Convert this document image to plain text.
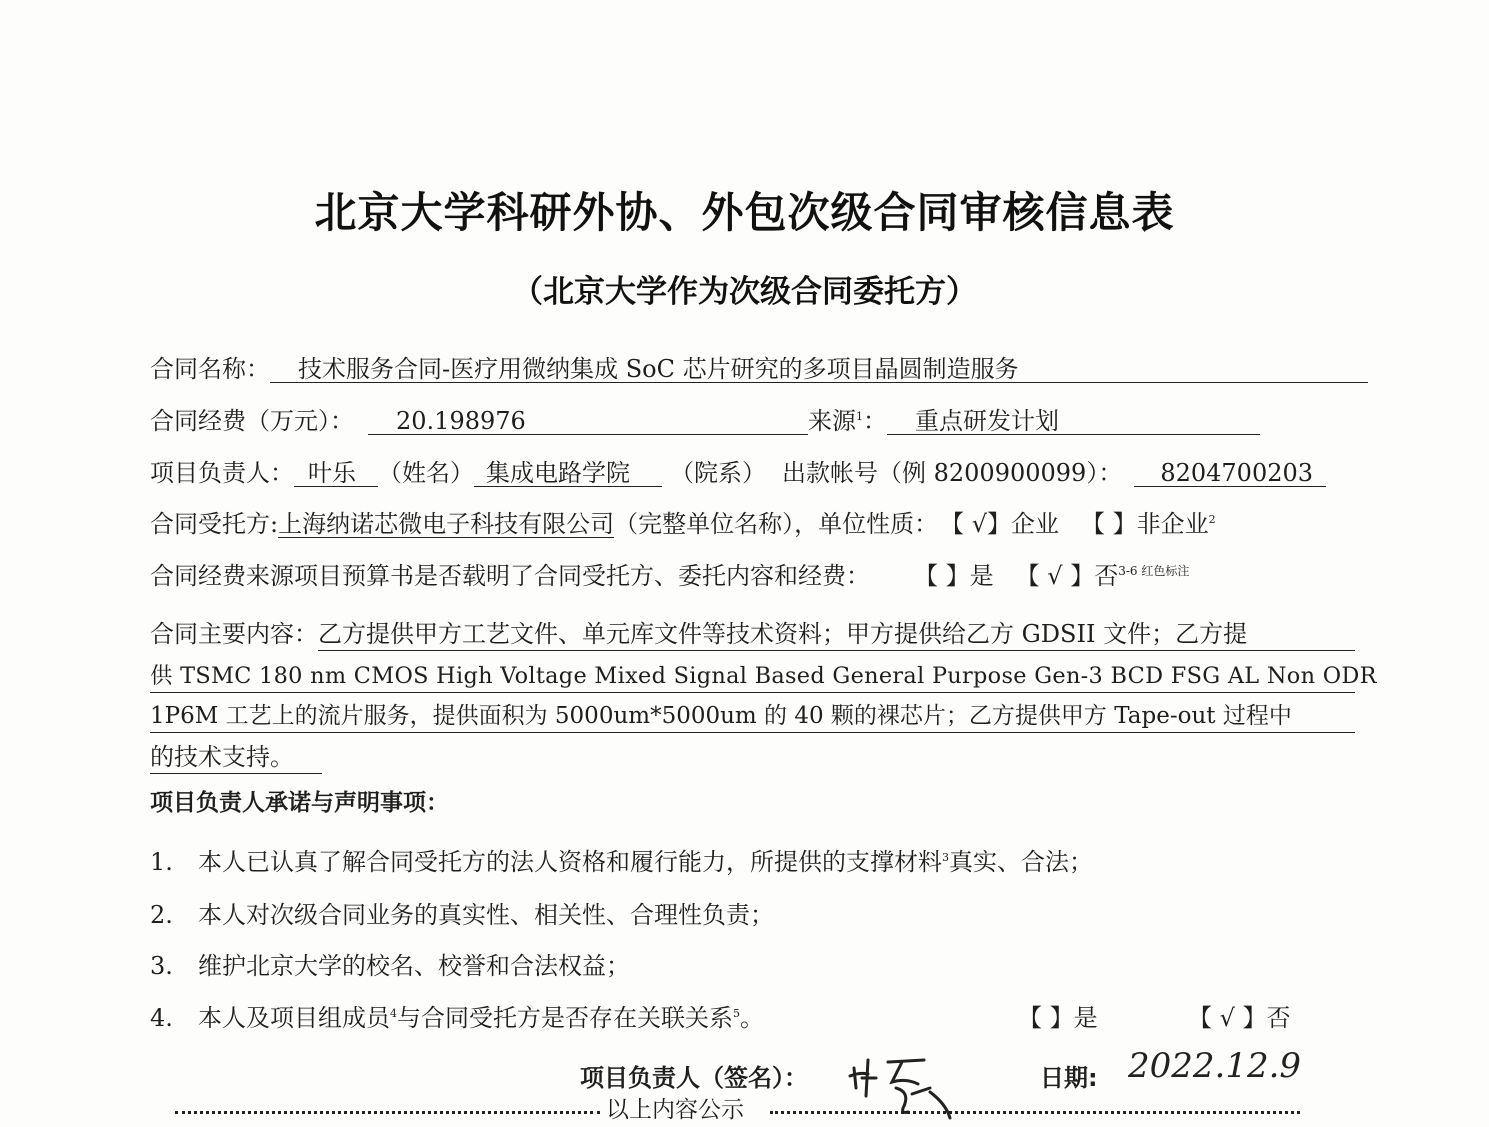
北京大学科研外协、外包次级合同审核信息表
（北京大学作为次级合同委托方）
合同名称： 技术服务合同-医疗用微纳集成 SoC 芯片研究的多项目晶圆制造服务
合同经费（万元）： 20.198976	来源$^1$： 重点研发计划
项目负责人： 叶乐 （姓名） 集成电路学院 （院系） 出款帐号（例 8200900099）： 8204700203
合同受托方:上海纳诺芯微电子科技有限公司（完整单位名称），单位性质： 【 √】企业 【 】非企业$^2$
合同经费来源项目预算书是否载明了合同受托方、委托内容和经费： 【 】是 【 √ 】否$^{3-6 红色标注}$
合同主要内容：乙方提供甲方工艺文件、单元库文件等技术资料；甲方提供给乙方 GDSII 文件；乙方提
供 TSMC 180 nm CMOS High Voltage Mixed Signal Based General Purpose Gen-3 BCD FSG AL Non ODR
1P6M 工艺上的流片服务，提供面积为 5000um*5000um 的 40 颗的裸芯片；乙方提供甲方 Tape-out 过程中
的技术支持。
项目负责人承诺与声明事项：
1. 本人已认真了解合同受托方的法人资格和履行能力，所提供的支撑材料$^3$真实、合法；
2. 本人对次级合同业务的真实性、相关性、合理性负责；
3. 维护北京大学的校名、校誉和合法权益；
4. 本人及项目组成员$^4$与合同受托方是否存在关联关系$^5$。	【 】是	【 √ 】否
项目负责人（签名）：	日期: 2022.12.9
以上内容公示
